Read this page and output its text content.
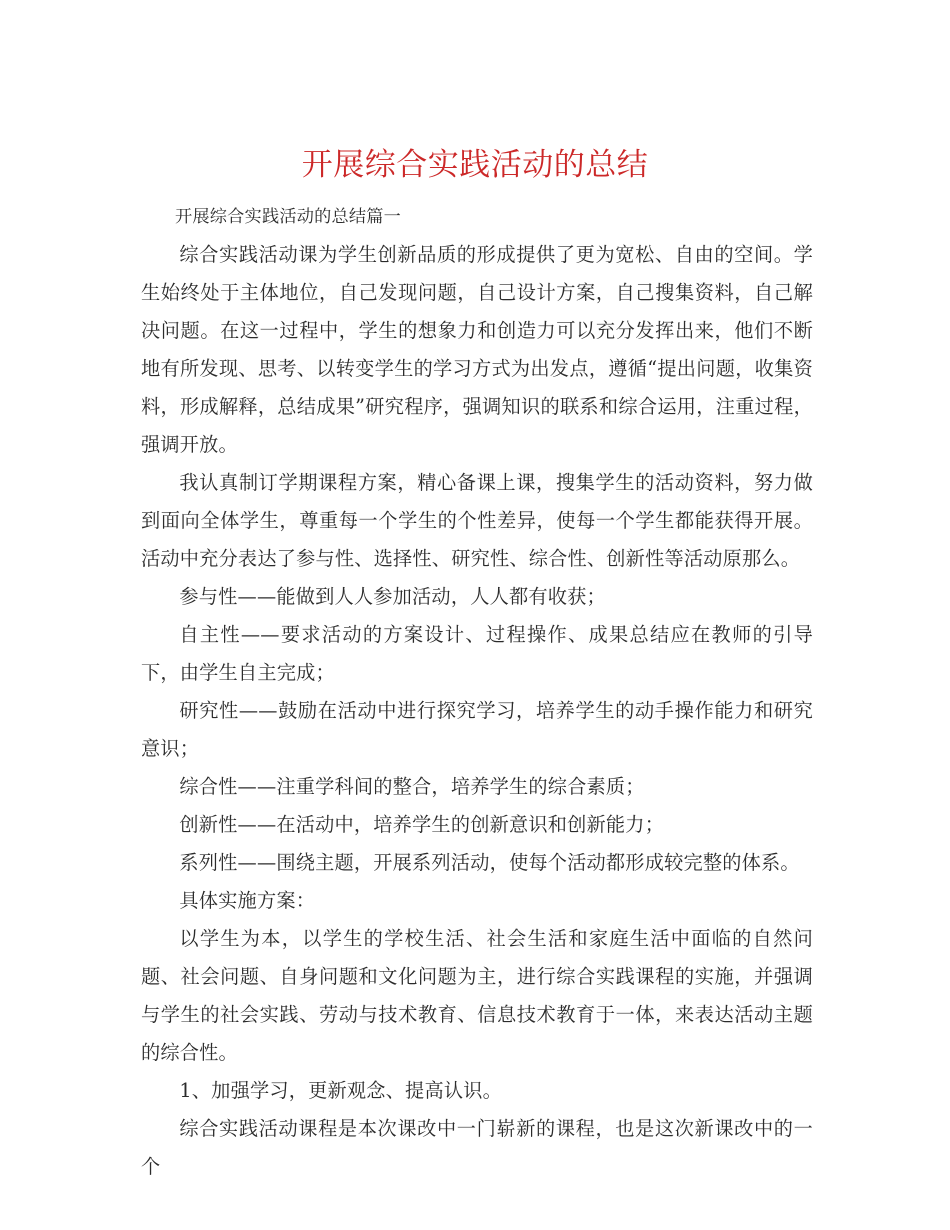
开展综合实践活动的总结

开展综合实践活动的总结篇一

综合实践活动课为学生创新品质的形成提供了更为宽松、自由的空间。学生始终处于主体地位，自己发现问题，自己设计方案，自己搜集资料，自己解决问题。在这一过程中，学生的想象力和创造力可以充分发挥出来，他们不断地有所发现、思考、以转变学生的学习方式为出发点，遵循“提出问题，收集资料，形成解释，总结成果”研究程序，强调知识的联系和综合运用，注重过程，强调开放。

我认真制订学期课程方案，精心备课上课，搜集学生的活动资料，努力做到面向全体学生，尊重每一个学生的个性差异，使每一个学生都能获得开展。活动中充分表达了参与性、选择性、研究性、综合性、创新性等活动原那么。

参与性——能做到人人参加活动，人人都有收获；

自主性——要求活动的方案设计、过程操作、成果总结应在教师的引导下，由学生自主完成；

研究性——鼓励在活动中进行探究学习，培养学生的动手操作能力和研究意识；

综合性——注重学科间的整合，培养学生的综合素质；

创新性——在活动中，培养学生的创新意识和创新能力；

系列性——围绕主题，开展系列活动，使每个活动都形成较完整的体系。

具体实施方案：

以学生为本，以学生的学校生活、社会生活和家庭生活中面临的自然问题、社会问题、自身问题和文化问题为主，进行综合实践课程的实施，并强调与学生的社会实践、劳动与技术教育、信息技术教育于一体，来表达活动主题的综合性。

1、加强学习，更新观念、提高认识。

综合实践活动课程是本次课改中一门崭新的课程，也是这次新课改中的一个
